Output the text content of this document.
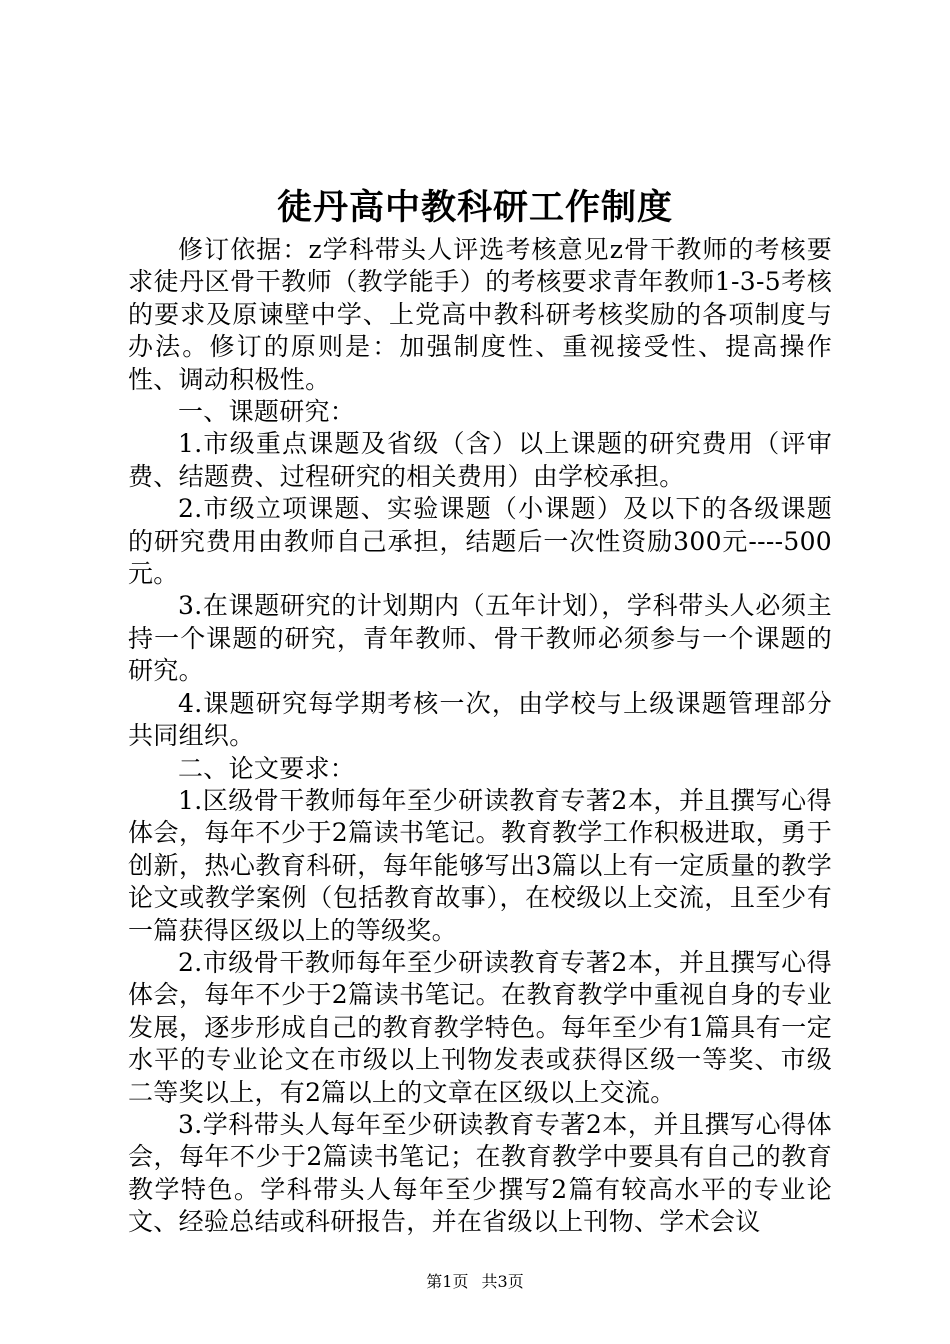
徒丹高中教科研工作制度

修订依据：z学科带头人评选考核意见z骨干教师的考核要求徒丹区骨干教师（教学能手）的考核要求青年教师1-3-5考核的要求及原谏壁中学、上党高中教科研考核奖励的各项制度与办法。修订的原则是：加强制度性、重视接受性、提高操作性、调动积极性。

一、课题研究：

1.市级重点课题及省级（含）以上课题的研究费用（评审费、结题费、过程研究的相关费用）由学校承担。

2.市级立项课题、实验课题（小课题）及以下的各级课题的研究费用由教师自己承担，结题后一次性资励300元----500元。

3.在课题研究的计划期内（五年计划），学科带头人必须主持一个课题的研究，青年教师、骨干教师必须参与一个课题的研究。

4.课题研究每学期考核一次，由学校与上级课题管理部分共同组织。

二、论文要求：

1.区级骨干教师每年至少研读教育专著2本，并且撰写心得体会，每年不少于2篇读书笔记。教育教学工作积极进取，勇于创新，热心教育科研，每年能够写出3篇以上有一定质量的教学论文或教学案例（包括教育故事），在校级以上交流，且至少有一篇获得区级以上的等级奖。

2.市级骨干教师每年至少研读教育专著2本，并且撰写心得体会，每年不少于2篇读书笔记。在教育教学中重视自身的专业发展，逐步形成自己的教育教学特色。每年至少有1篇具有一定水平的专业论文在市级以上刊物发表或获得区级一等奖、市级二等奖以上，有2篇以上的文章在区级以上交流。

3.学科带头人每年至少研读教育专著2本，并且撰写心得体会，每年不少于2篇读书笔记；在教育教学中要具有自己的教育教学特色。学科带头人每年至少撰写2篇有较高水平的专业论文、经验总结或科研报告，并在省级以上刊物、学术会议

第1页 共3页
